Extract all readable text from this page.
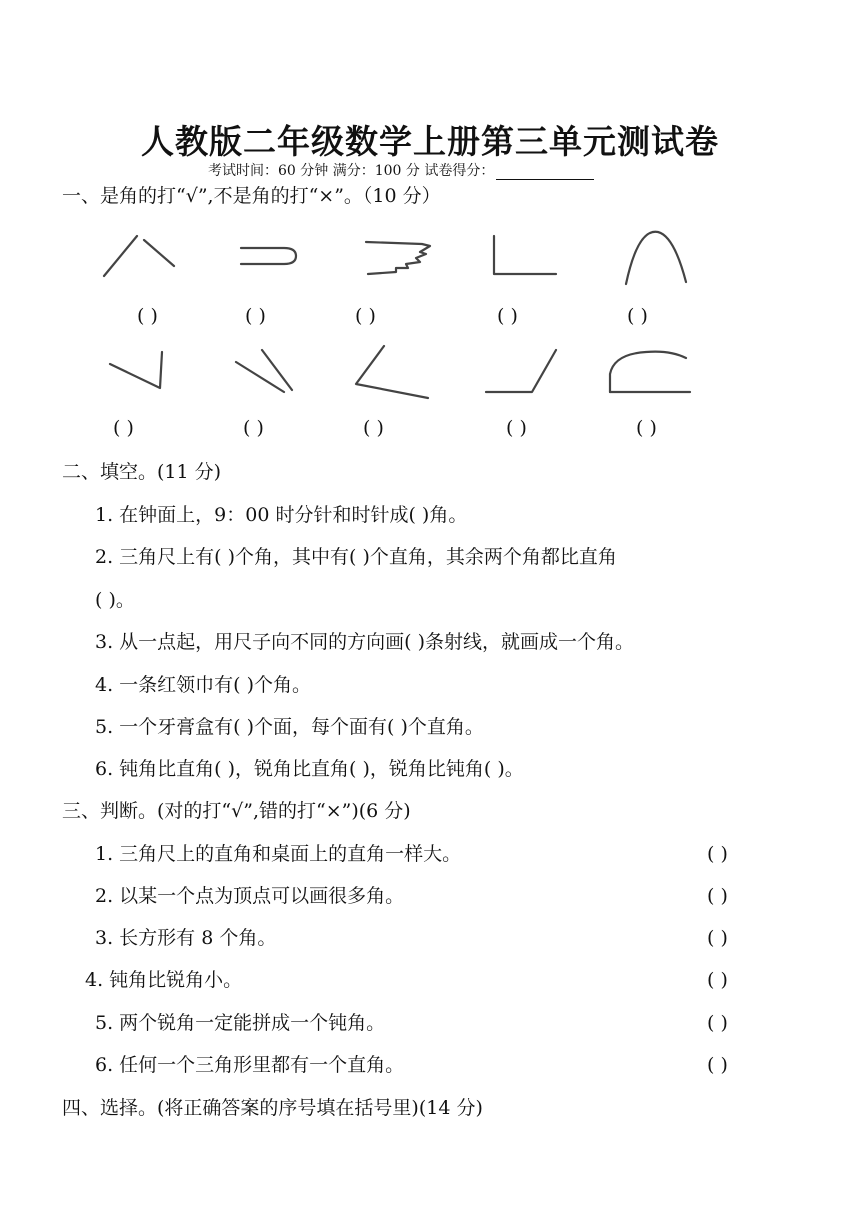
人教版二年级数学上册第三单元测试卷
考试时间：60 分钟 满分：100 分 试卷得分：
一、是角的打“√”,不是角的打“×”。（10 分）
( )	( )	( )	( )	( )
( )	( )	( )	( )	( )
二、填空。(11 分)
1. 在钟面上，9：00 时分针和时针成( )角。
2. 三角尺上有( )个角，其中有( )个直角，其余两个角都比直角
( )。
3. 从一点起，用尺子向不同的方向画( )条射线，就画成一个角。
4. 一条红领巾有( )个角。
5. 一个牙膏盒有( )个面，每个面有( )个直角。
6. 钝角比直角( )，锐角比直角( )，锐角比钝角( )。
三、判断。(对的打“√”,错的打“×”)(6 分)
1. 三角尺上的直角和桌面上的直角一样大。	( )
2. 以某一个点为顶点可以画很多角。	( )
3. 长方形有 8 个角。	( )
4. 钝角比锐角小。	( )
5. 两个锐角一定能拼成一个钝角。	( )
6. 任何一个三角形里都有一个直角。	( )
四、选择。(将正确答案的序号填在括号里)(14 分)
